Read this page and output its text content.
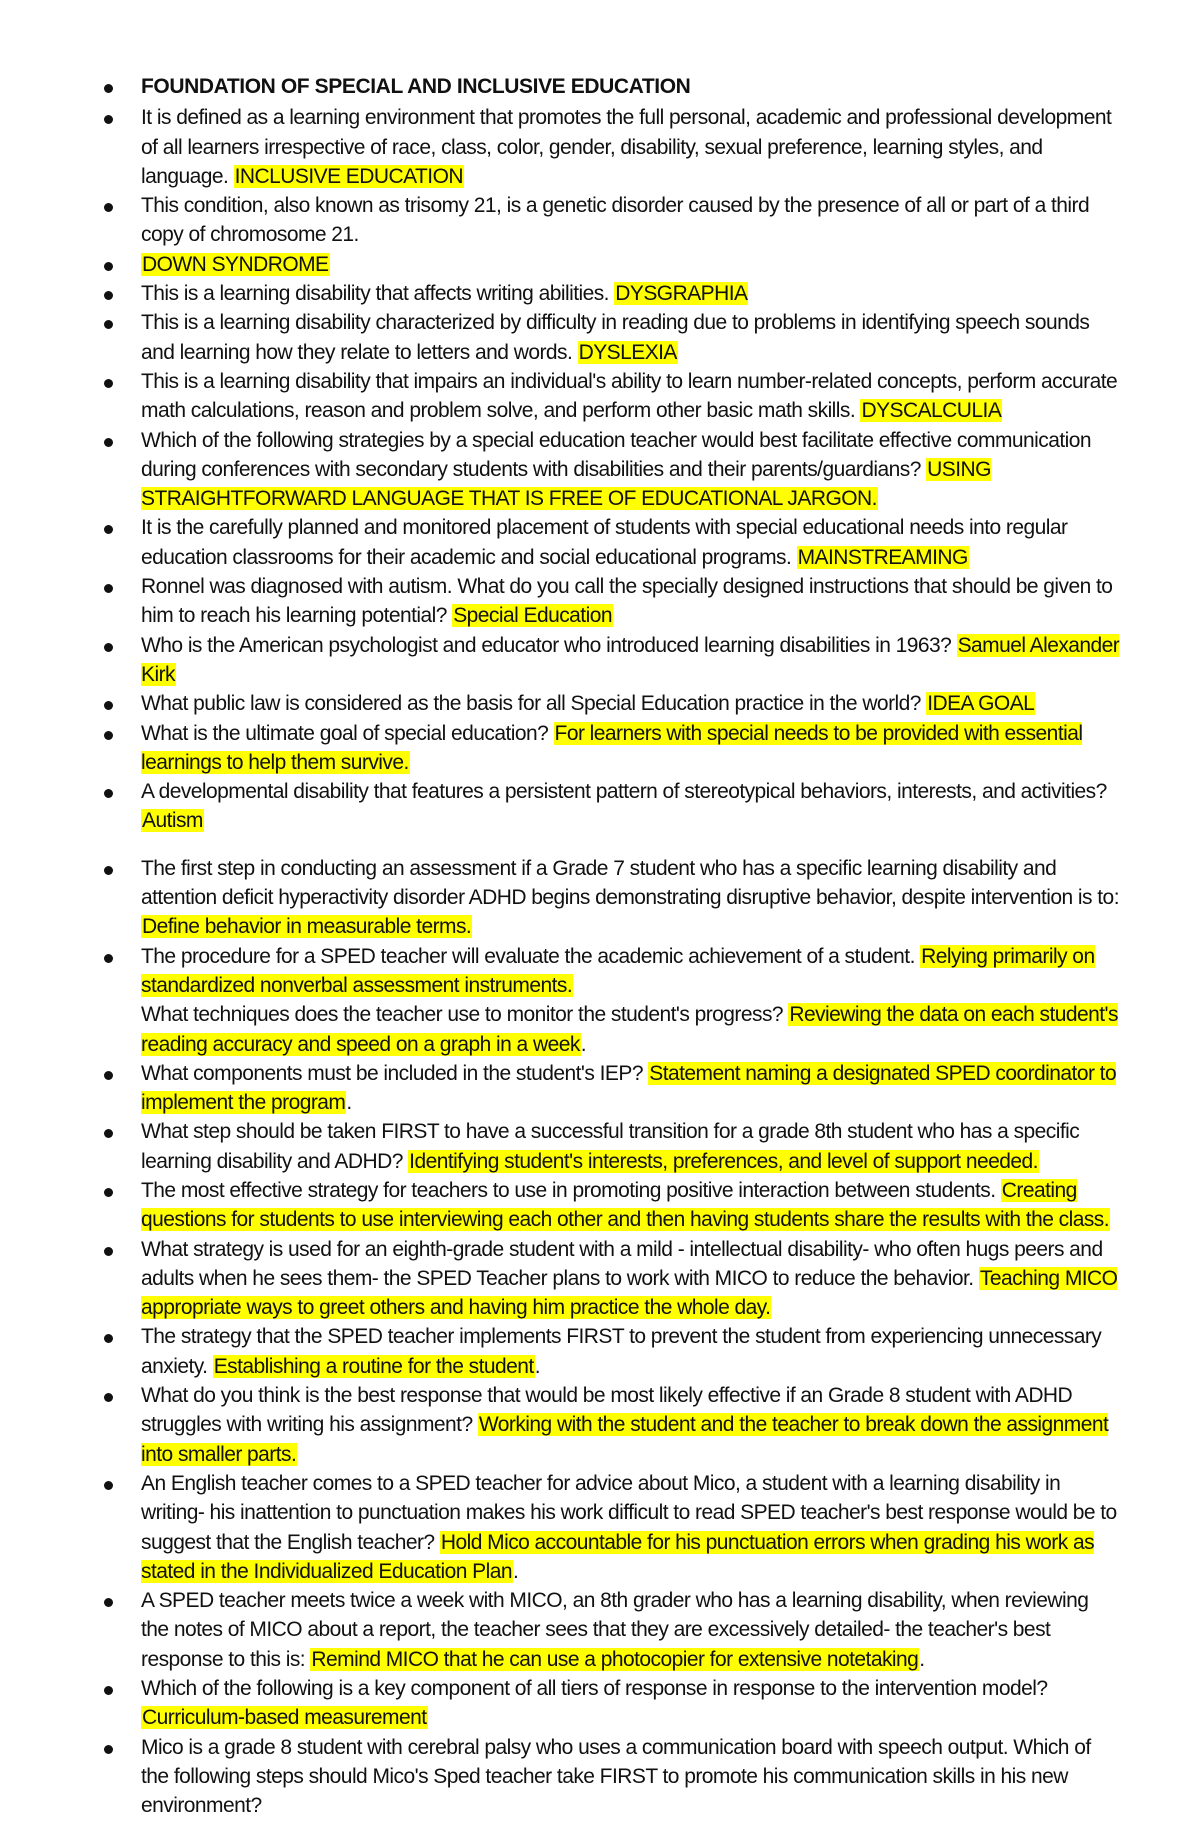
FOUNDATION OF SPECIAL AND INCLUSIVE EDUCATION
It is defined as a learning environment that promotes the full personal, academic and professional development of all learners irrespective of race, class, color, gender, disability, sexual preference, learning styles, and language. INCLUSIVE EDUCATION
This condition, also known as trisomy 21, is a genetic disorder caused by the presence of all or part of a third copy of chromosome 21.
DOWN SYNDROME
This is a learning disability that affects writing abilities. DYSGRAPHIA
This is a learning disability characterized by difficulty in reading due to problems in identifying speech sounds and learning how they relate to letters and words. DYSLEXIA
This is a learning disability that impairs an individual's ability to learn number-related concepts, perform accurate math calculations, reason and problem solve, and perform other basic math skills. DYSCALCULIA
Which of the following strategies by a special education teacher would best facilitate effective communication during conferences with secondary students with disabilities and their parents/guardians? USING STRAIGHTFORWARD LANGUAGE THAT IS FREE OF EDUCATIONAL JARGON.
It is the carefully planned and monitored placement of students with special educational needs into regular education classrooms for their academic and social educational programs. MAINSTREAMING
Ronnel was diagnosed with autism. What do you call the specially designed instructions that should be given to him to reach his learning potential? Special Education
Who is the American psychologist and educator who introduced learning disabilities in 1963? Samuel Alexander Kirk
What public law is considered as the basis for all Special Education practice in the world? IDEA GOAL
What is the ultimate goal of special education? For learners with special needs to be provided with essential learnings to help them survive.
A developmental disability that features a persistent pattern of stereotypical behaviors, interests, and activities? Autism
The first step in conducting an assessment if a Grade 7 student who has a specific learning disability and attention deficit hyperactivity disorder ADHD begins demonstrating disruptive behavior, despite intervention is to: Define behavior in measurable terms.
The procedure for a SPED teacher will evaluate the academic achievement of a student. Relying primarily on standardized nonverbal assessment instruments.
What techniques does the teacher use to monitor the student's progress? Reviewing the data on each student's reading accuracy and speed on a graph in a week.
What components must be included in the student's IEP? Statement naming a designated SPED coordinator to implement the program.
What step should be taken FIRST to have a successful transition for a grade 8th student who has a specific learning disability and ADHD? Identifying student's interests, preferences, and level of support needed.
The most effective strategy for teachers to use in promoting positive interaction between students. Creating questions for students to use interviewing each other and then having students share the results with the class.
What strategy is used for an eighth-grade student with a mild - intellectual disability- who often hugs peers and adults when he sees them- the SPED Teacher plans to work with MICO to reduce the behavior. Teaching MICO appropriate ways to greet others and having him practice the whole day.
The strategy that the SPED teacher implements FIRST to prevent the student from experiencing unnecessary anxiety. Establishing a routine for the student.
What do you think is the best response that would be most likely effective if an Grade 8 student with ADHD struggles with writing his assignment? Working with the student and the teacher to break down the assignment into smaller parts.
An English teacher comes to a SPED teacher for advice about Mico, a student with a learning disability in writing- his inattention to punctuation makes his work difficult to read SPED teacher's best response would be to suggest that the English teacher? Hold Mico accountable for his punctuation errors when grading his work as stated in the Individualized Education Plan.
A SPED teacher meets twice a week with MICO, an 8th grader who has a learning disability, when reviewing the notes of MICO about a report, the teacher sees that they are excessively detailed- the teacher's best response to this is: Remind MICO that he can use a photocopier for extensive notetaking.
Which of the following is a key component of all tiers of response in response to the intervention model? Curriculum-based measurement
Mico is a grade 8 student with cerebral palsy who uses a communication board with speech output. Which of the following steps should Mico's Sped teacher take FIRST to promote his communication skills in his new environment?
